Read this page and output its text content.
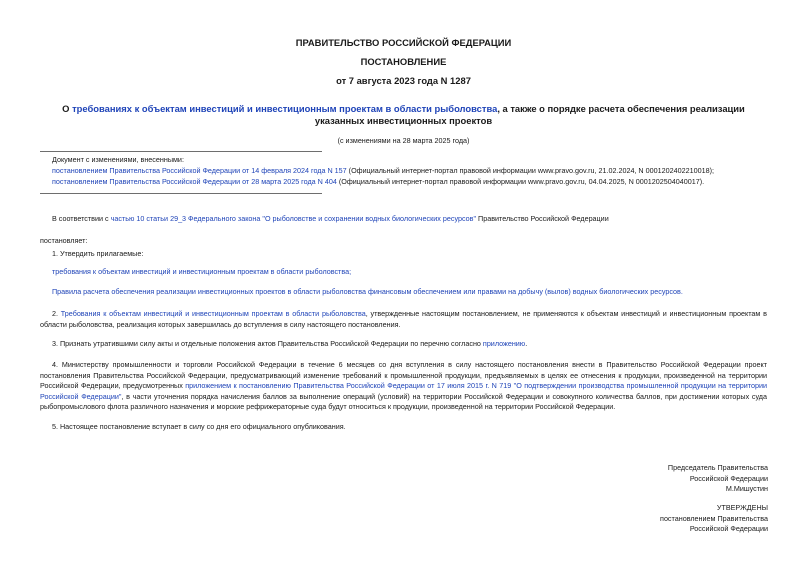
ПРАВИТЕЛЬСТВО РОССИЙСКОЙ ФЕДЕРАЦИИ
ПОСТАНОВЛЕНИЕ
от 7 августа 2023 года N 1287
О требованиях к объектам инвестиций и инвестиционным проектам в области рыболовства, а также о порядке расчета обеспечения реализации указанных инвестиционных проектов
(с изменениями на 28 марта 2025 года)
Документ с изменениями, внесенными:
постановлением Правительства Российской Федерации от 14 февраля 2024 года N 157 (Официальный интернет-портал правовой информации www.pravo.gov.ru, 21.02.2024, N 0001202402210018);
постановлением Правительства Российской Федерации от 28 марта 2025 года N 404 (Официальный интернет-портал правовой информации www.pravo.gov.ru, 04.04.2025, N 0001202504040017).
В соответствии с частью 10 статьи 29_3 Федерального закона "О рыболовстве и сохранении водных биологических ресурсов" Правительство Российской Федерации
постановляет:
1. Утвердить прилагаемые:
требования к объектам инвестиций и инвестиционным проектам в области рыболовства;
Правила расчета обеспечения реализации инвестиционных проектов в области рыболовства финансовым обеспечением или правами на добычу (вылов) водных биологических ресурсов.
2. Требования к объектам инвестиций и инвестиционным проектам в области рыболовства, утвержденные настоящим постановлением, не применяются к объектам инвестиций и инвестиционным проектам в области рыболовства, реализация которых завершилась до вступления в силу настоящего постановления.
3. Признать утратившими силу акты и отдельные положения актов Правительства Российской Федерации по перечню согласно приложению.
4. Министерству промышленности и торговли Российской Федерации в течение 6 месяцев со дня вступления в силу настоящего постановления внести в Правительство Российской Федерации проект постановления Правительства Российской Федерации, предусматривающий изменение требований к промышленной продукции, предъявляемых в целях ее отнесения к продукции, произведенной на территории Российской Федерации, предусмотренных приложением к постановлению Правительства Российской Федерации от 17 июля 2015 г. N 719 "О подтверждении производства промышленной продукции на территории Российской Федерации", в части уточнения порядка начисления баллов за выполнение операций (условий) на территории Российской Федерации и совокупного количества баллов, при достижении которых суда рыбопромыслового флота различного назначения и морские рефрижераторные суда будут относиться к продукции, произведенной на территории Российской Федерации.
5. Настоящее постановление вступает в силу со дня его официального опубликования.
Председатель Правительства
Российской Федерации
М.Мишустин
УТВЕРЖДЕНЫ
постановлением Правительства
Российской Федерации
